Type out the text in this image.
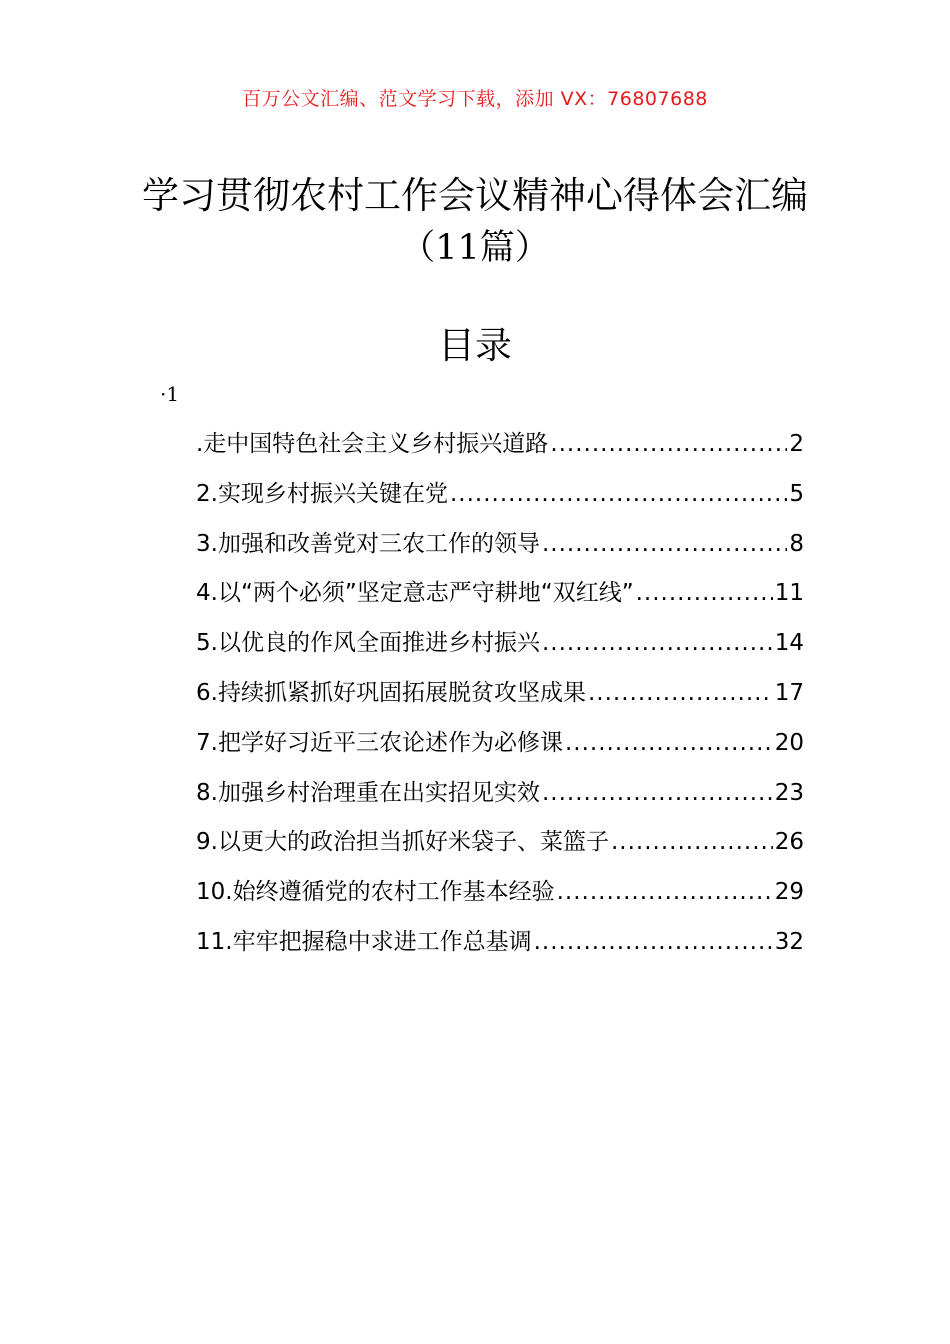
百万公文汇编、范文学习下载，添加 VX：76807688
学习贯彻农村工作会议精神心得体会汇编
（11篇）
目录
·1
.走中国特色社会主义乡村振兴道路 .....	2
2.实现乡村振兴关键在党 .....	5
3.加强和改善党对三农工作的领导 .....	8
4.以“两个必须”坚定意志严守耕地“双红线” .....	11
5.以优良的作风全面推进乡村振兴 .....	14
6.持续抓紧抓好巩固拓展脱贫攻坚成果 .....	17
7.把学好习近平三农论述作为必修课 .....	20
8.加强乡村治理重在出实招见实效 .....	23
9.以更大的政治担当抓好米袋子、菜篮子 .....	26
10.始终遵循党的农村工作基本经验 .....	29
11.牢牢把握稳中求进工作总基调 .....	32
